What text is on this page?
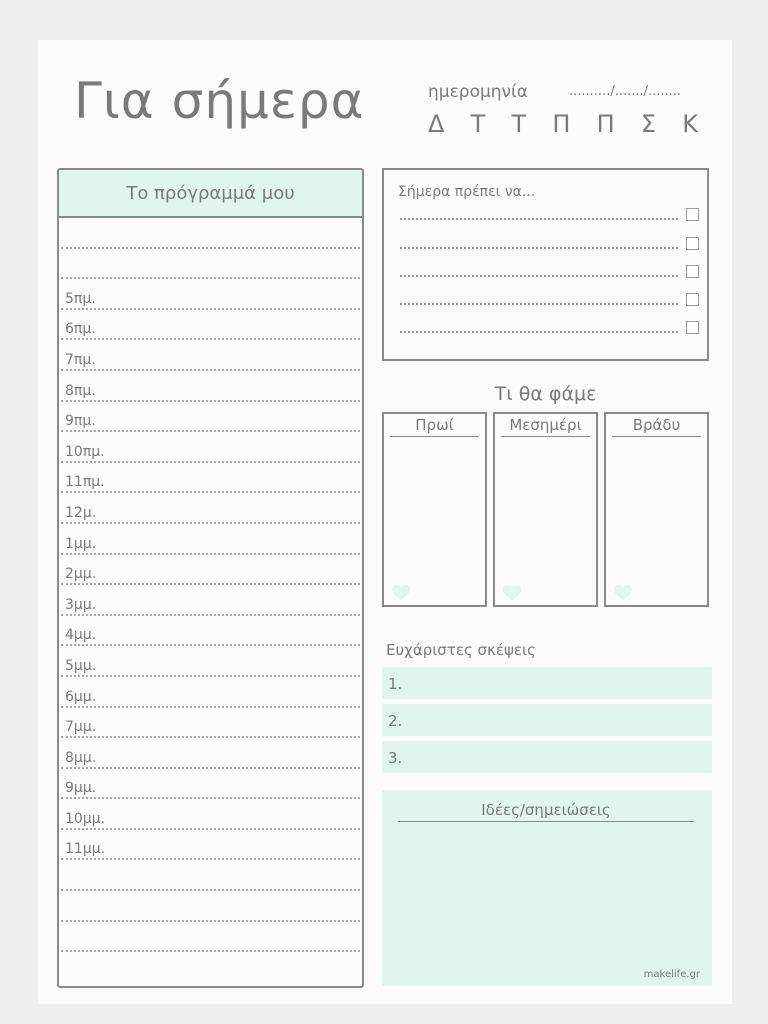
Για σήμερα	ημερομηνία	........../......./........
Δ Τ Τ Π Π Σ Κ
Το πρόγραμμά μου
5πμ.
6πμ.
7πμ.
8πμ.
9πμ.
10πμ.
11πμ.
12μ.
1μμ.
2μμ.
3μμ.
4μμ.
5μμ.
6μμ.
7μμ.
8μμ.
9μμ.
10μμ.
11μμ.
Σήμερα πρέπει να...
Τι θα φάμε
Πρωί	Μεσημέρι	Βράδυ
Ευχάριστες σκέψεις
1.
2.
3.
Ιδέες/σημειώσεις
makelife.gr
